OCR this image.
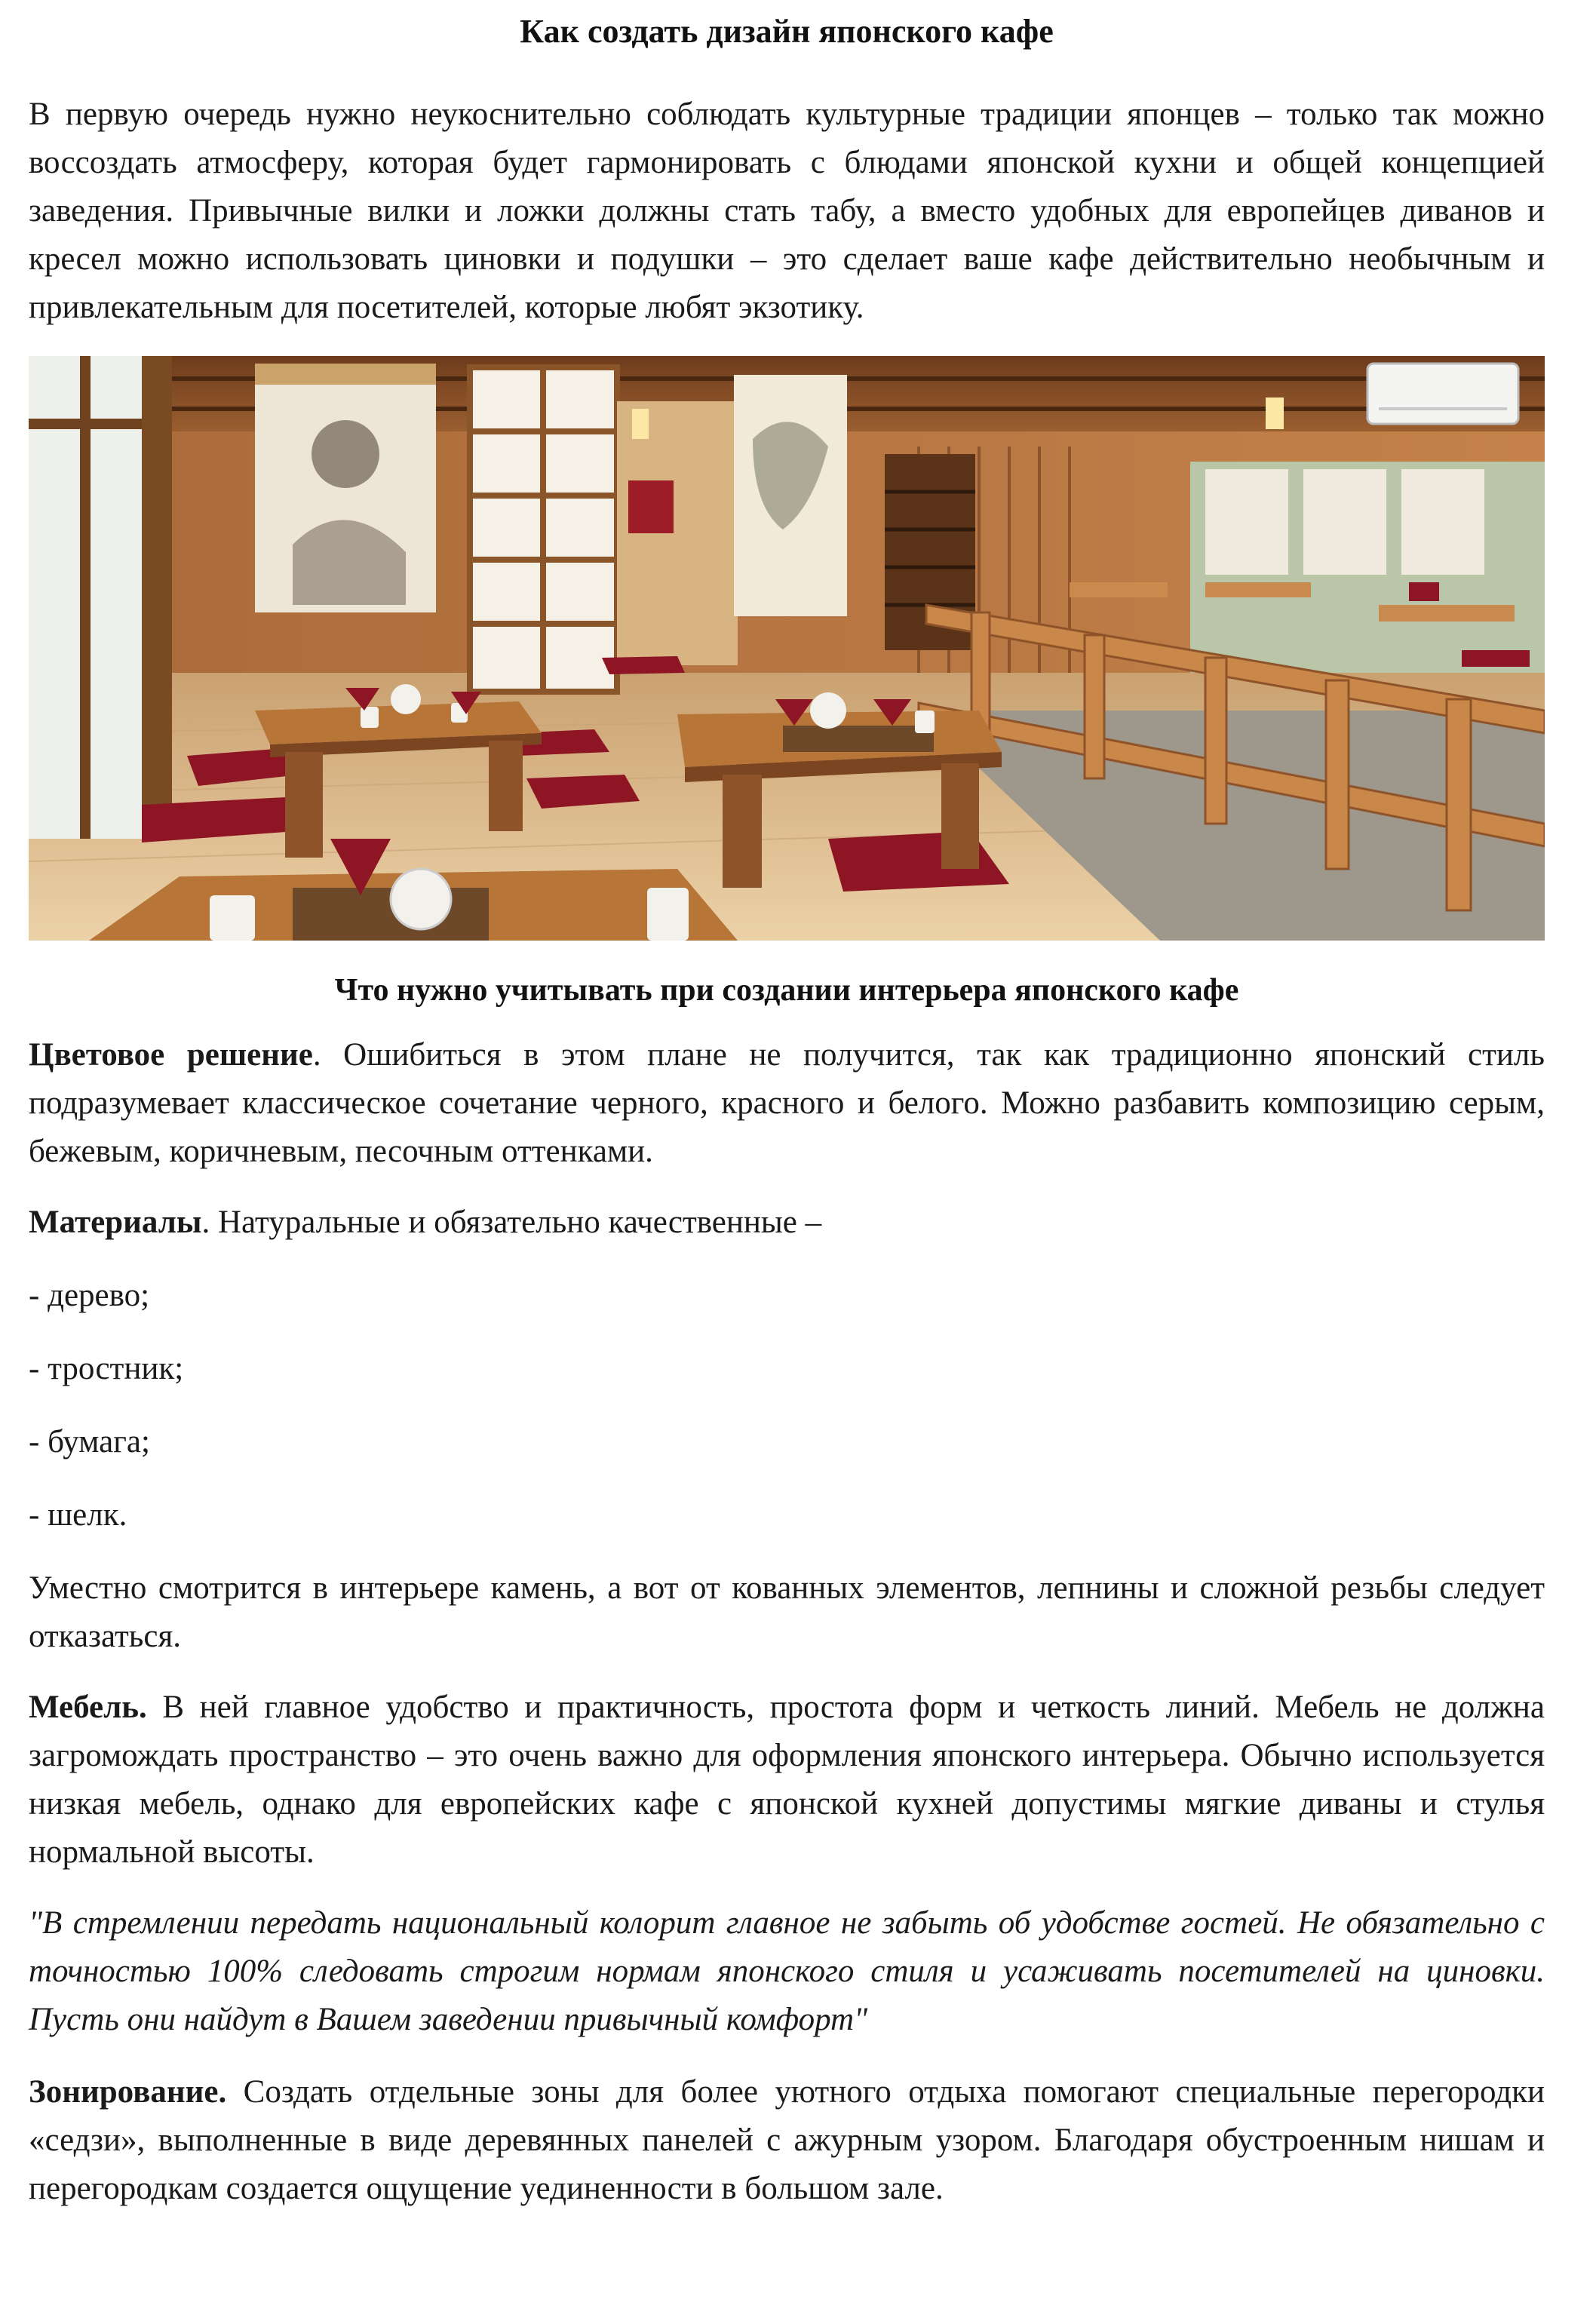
Как создать дизайн японского кафе

В первую очередь нужно неукоснительно соблюдать культурные традиции японцев – только так можно воссоздать атмосферу, которая будет гармонировать с блюдами японской кухни и общей концепцией заведения. Привычные вилки и ложки должны стать табу, а вместо удобных для европейцев диванов и кресел можно использовать циновки и подушки – это сделает ваше кафе действительно необычным и привлекательным для посетителей, которые любят экзотику.

Что нужно учитывать при создании интерьера японского кафе

Цветовое решение. Ошибиться в этом плане не получится, так как традиционно японский стиль подразумевает классическое сочетание черного, красного и белого. Можно разбавить композицию серым, бежевым, коричневым, песочным оттенками.

Материалы. Натуральные и обязательно качественные –

- дерево;

- тростник;

- бумага;

- шелк.

Уместно смотрится в интерьере камень, а вот от кованных элементов, лепнины и сложной резьбы следует отказаться.

Мебель. В ней главное удобство и практичность, простота форм и четкость линий. Мебель не должна загромождать пространство – это очень важно для оформления японского интерьера. Обычно используется низкая мебель, однако для европейских кафе с японской кухней допустимы мягкие диваны и стулья нормальной высоты.

"В стремлении передать национальный колорит главное не забыть об удобстве гостей. Не обязательно с точностью 100% следовать строгим нормам японского стиля и усаживать посетителей на циновки. Пусть они найдут в Вашем заведении привычный комфорт"

Зонирование. Создать отдельные зоны для более уютного отдыха помогают специальные перегородки «седзи», выполненные в виде деревянных панелей с ажурным узором. Благодаря обустроенным нишам и перегородкам создается ощущение уединенности в большом зале.
